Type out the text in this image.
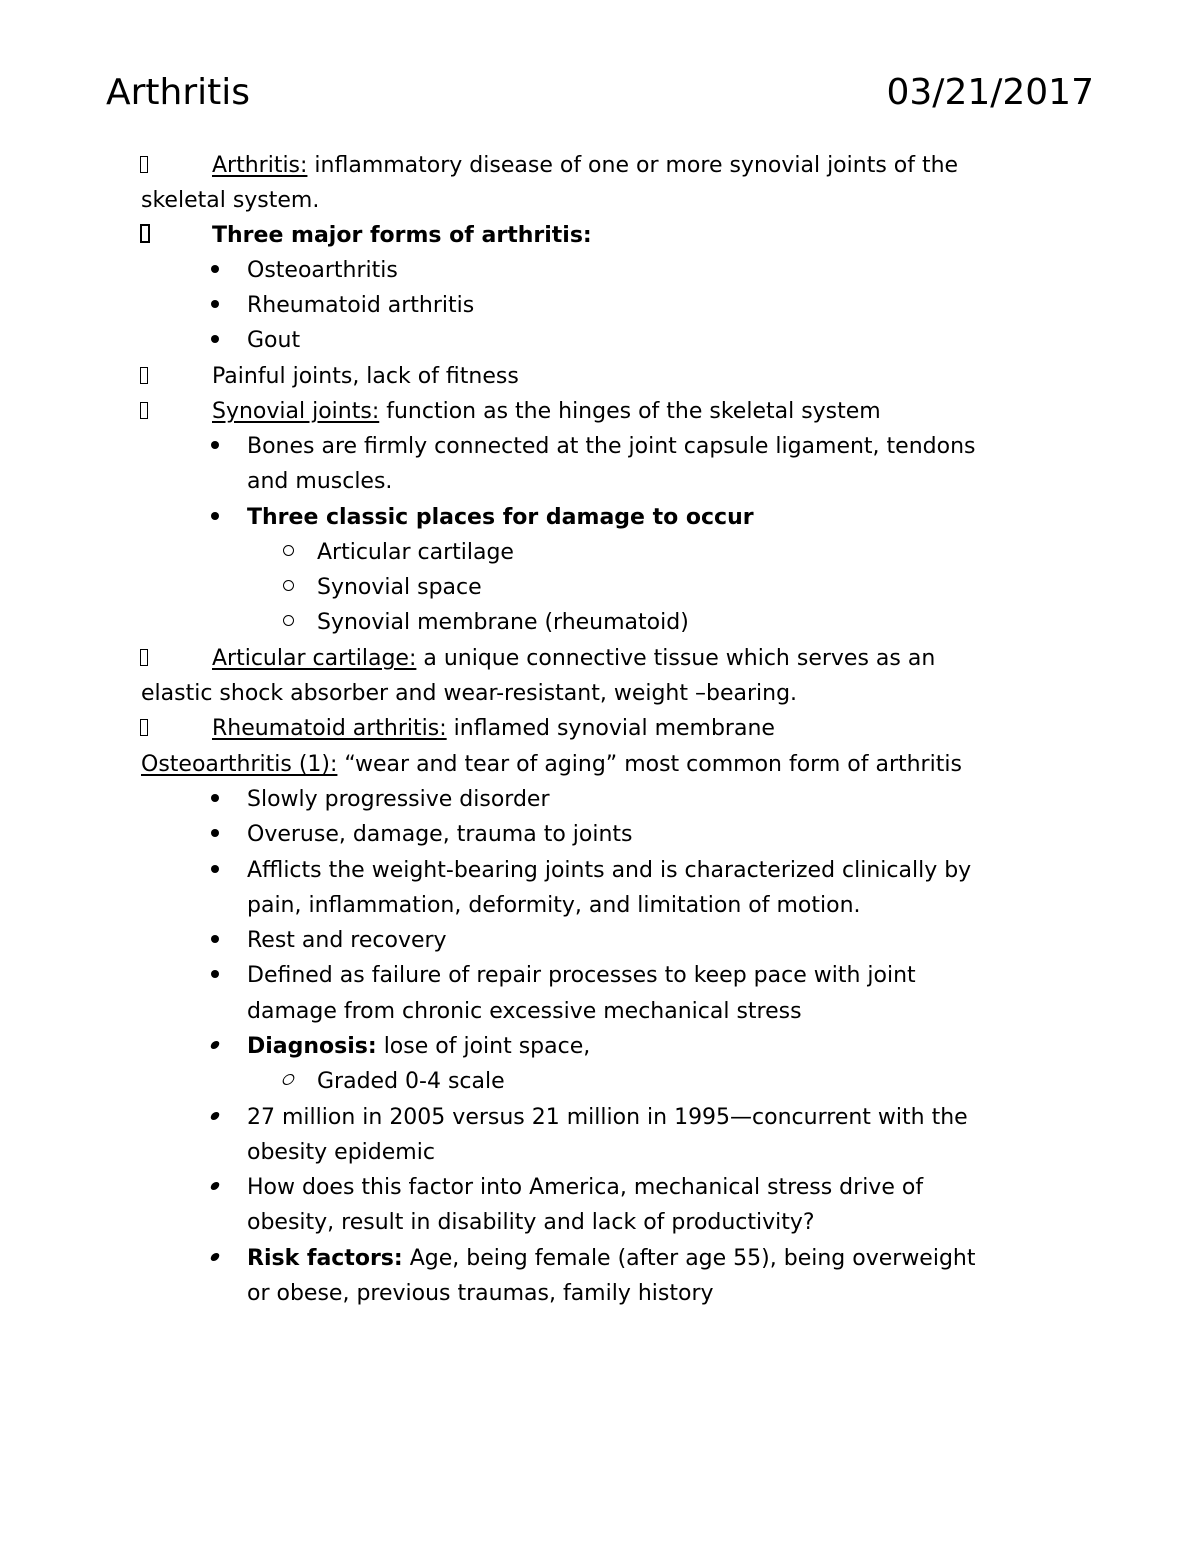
Arthritis	03/21/2017
Arthritis: inflammatory disease of one or more synovial joints of the
skeletal system.
Three major forms of arthritis:
Osteoarthritis
Rheumatoid arthritis
Gout
Painful joints, lack of fitness
Synovial joints: function as the hinges of the skeletal system
Bones are firmly connected at the joint capsule ligament, tendons
and muscles.
Three classic places for damage to occur
Articular cartilage
Synovial space
Synovial membrane (rheumatoid)
Articular cartilage: a unique connective tissue which serves as an
elastic shock absorber and wear-resistant, weight –bearing.
Rheumatoid arthritis: inflamed synovial membrane
Osteoarthritis (1): “wear and tear of aging” most common form of arthritis
Slowly progressive disorder
Overuse, damage, trauma to joints
Afflicts the weight-bearing joints and is characterized clinically by
pain, inflammation, deformity, and limitation of motion.
Rest and recovery
Defined as failure of repair processes to keep pace with joint
damage from chronic excessive mechanical stress
Diagnosis: lose of joint space,
Graded 0-4 scale
27 million in 2005 versus 21 million in 1995—concurrent with the
obesity epidemic
How does this factor into America, mechanical stress drive of
obesity, result in disability and lack of productivity?
Risk factors: Age, being female (after age 55), being overweight
or obese, previous traumas, family history
